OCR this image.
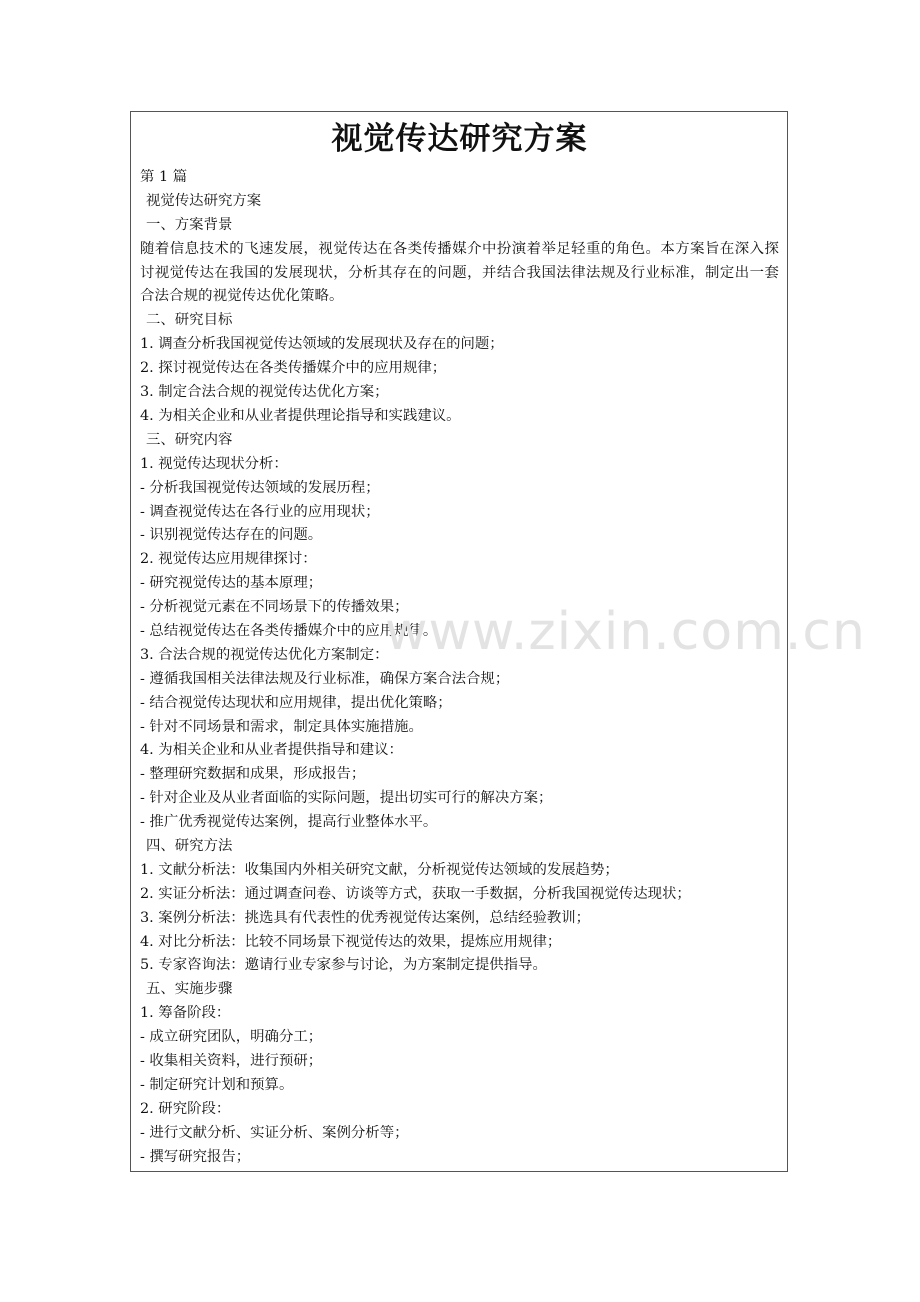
视觉传达研究方案
第 1 篇
视觉传达研究方案
一、方案背景
随着信息技术的飞速发展，视觉传达在各类传播媒介中扮演着举足轻重的角色。本方案旨在深入探讨视觉传达在我国的发展现状，分析其存在的问题，并结合我国法律法规及行业标准，制定出一套合法合规的视觉传达优化策略。
二、研究目标
1. 调查分析我国视觉传达领域的发展现状及存在的问题；
2. 探讨视觉传达在各类传播媒介中的应用规律；
3. 制定合法合规的视觉传达优化方案；
4. 为相关企业和从业者提供理论指导和实践建议。
三、研究内容
1. 视觉传达现状分析：
- 分析我国视觉传达领域的发展历程；
- 调查视觉传达在各行业的应用现状；
- 识别视觉传达存在的问题。
2. 视觉传达应用规律探讨：
- 研究视觉传达的基本原理；
- 分析视觉元素在不同场景下的传播效果；
- 总结视觉传达在各类传播媒介中的应用规律。
3. 合法合规的视觉传达优化方案制定：
- 遵循我国相关法律法规及行业标准，确保方案合法合规；
- 结合视觉传达现状和应用规律，提出优化策略；
- 针对不同场景和需求，制定具体实施措施。
4. 为相关企业和从业者提供指导和建议：
- 整理研究数据和成果，形成报告；
- 针对企业及从业者面临的实际问题，提出切实可行的解决方案；
- 推广优秀视觉传达案例，提高行业整体水平。
四、研究方法
1. 文献分析法：收集国内外相关研究文献，分析视觉传达领域的发展趋势；
2. 实证分析法：通过调查问卷、访谈等方式，获取一手数据，分析我国视觉传达现状；
3. 案例分析法：挑选具有代表性的优秀视觉传达案例，总结经验教训；
4. 对比分析法：比较不同场景下视觉传达的效果，提炼应用规律；
5. 专家咨询法：邀请行业专家参与讨论，为方案制定提供指导。
五、实施步骤
1. 筹备阶段：
- 成立研究团队，明确分工；
- 收集相关资料，进行预研；
- 制定研究计划和预算。
2. 研究阶段：
- 进行文献分析、实证分析、案例分析等；
- 撰写研究报告；
www.zixin.com.cn
